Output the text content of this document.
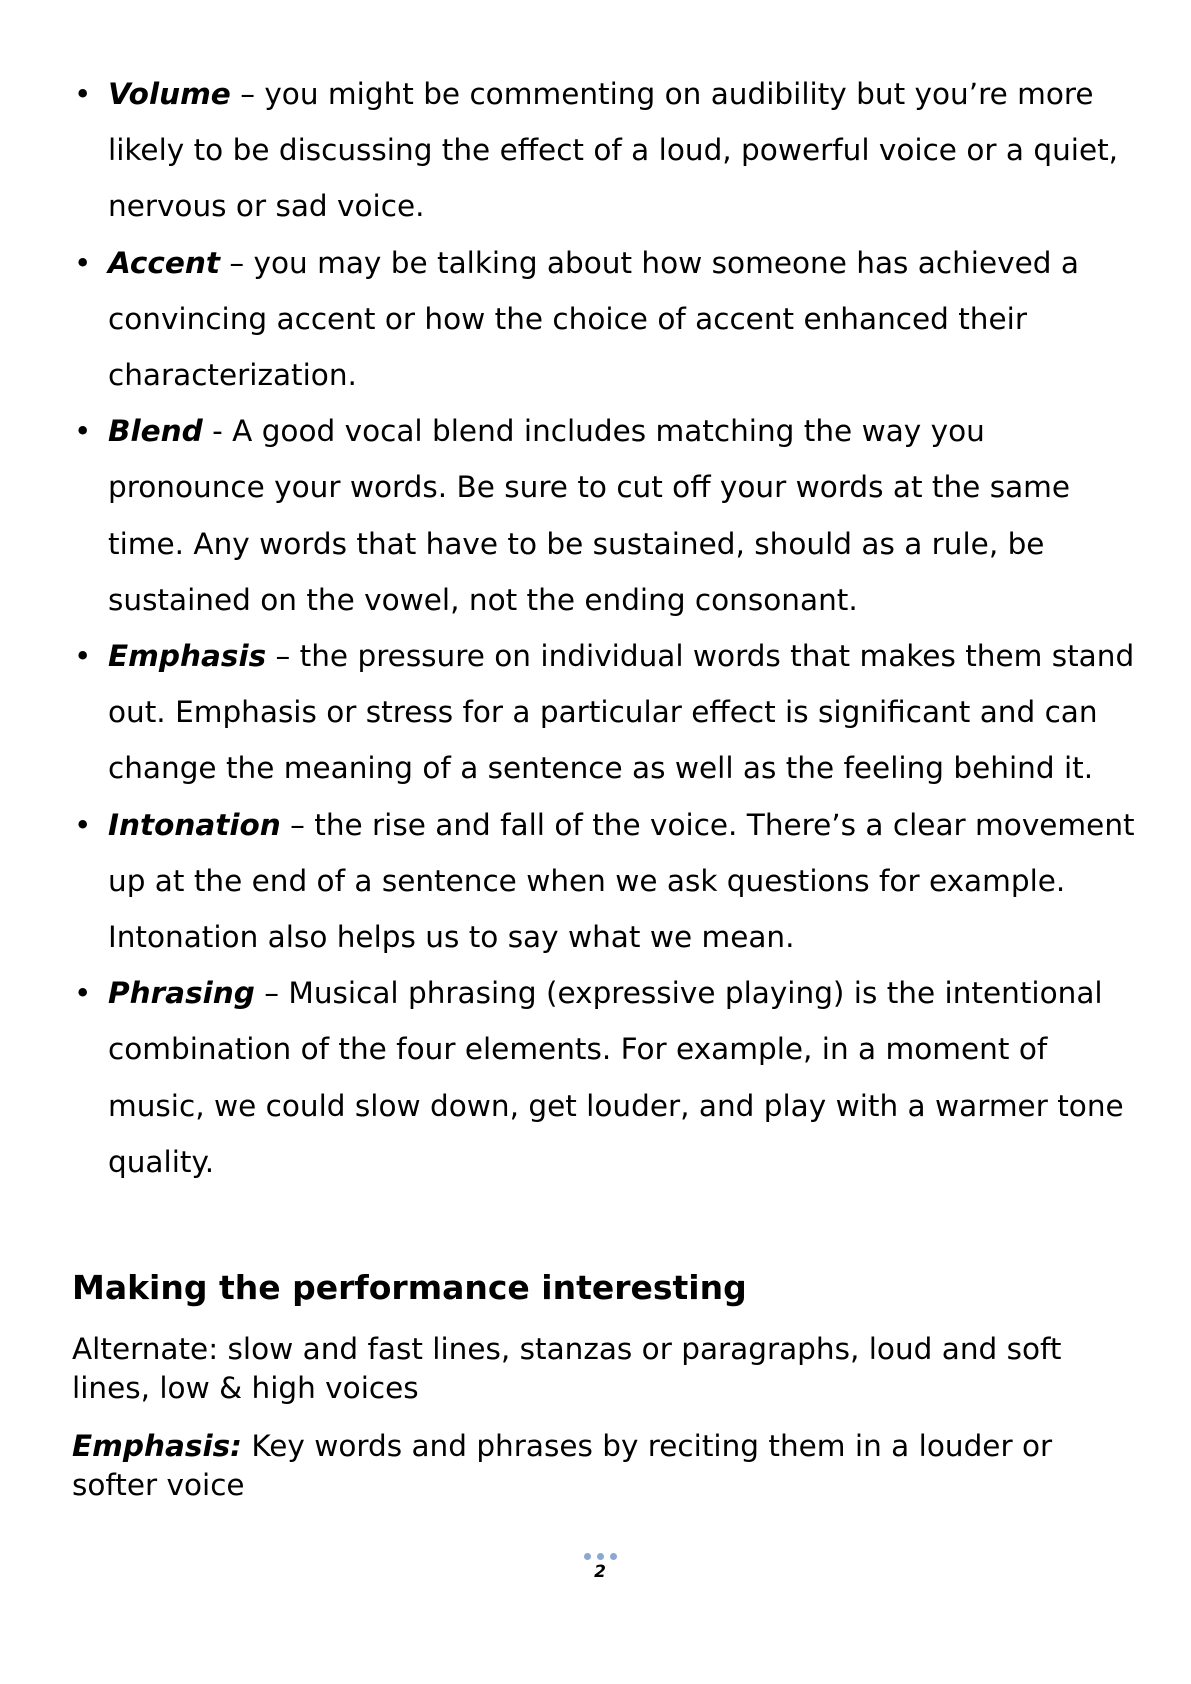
• Volume – you might be commenting on audibility but you’re more likely to be discussing the effect of a loud, powerful voice or a quiet, nervous or sad voice.
• Accent – you may be talking about how someone has achieved a convincing accent or how the choice of accent enhanced their characterization.
• Blend - A good vocal blend includes matching the way you pronounce your words. Be sure to cut off your words at the same time. Any words that have to be sustained, should as a rule, be sustained on the vowel, not the ending consonant.
• Emphasis – the pressure on individual words that makes them stand out. Emphasis or stress for a particular effect is significant and can change the meaning of a sentence as well as the feeling behind it.
• Intonation – the rise and fall of the voice. There’s a clear movement up at the end of a sentence when we ask questions for example. Intonation also helps us to say what we mean.
• Phrasing – Musical phrasing (expressive playing) is the intentional combination of the four elements. For example, in a moment of music, we could slow down, get louder, and play with a warmer tone quality.
Making the performance interesting

Alternate: slow and fast lines, stanzas or paragraphs, loud and soft lines, low & high voices

Emphasis: Key words and phrases by reciting them in a louder or softer voice

2
